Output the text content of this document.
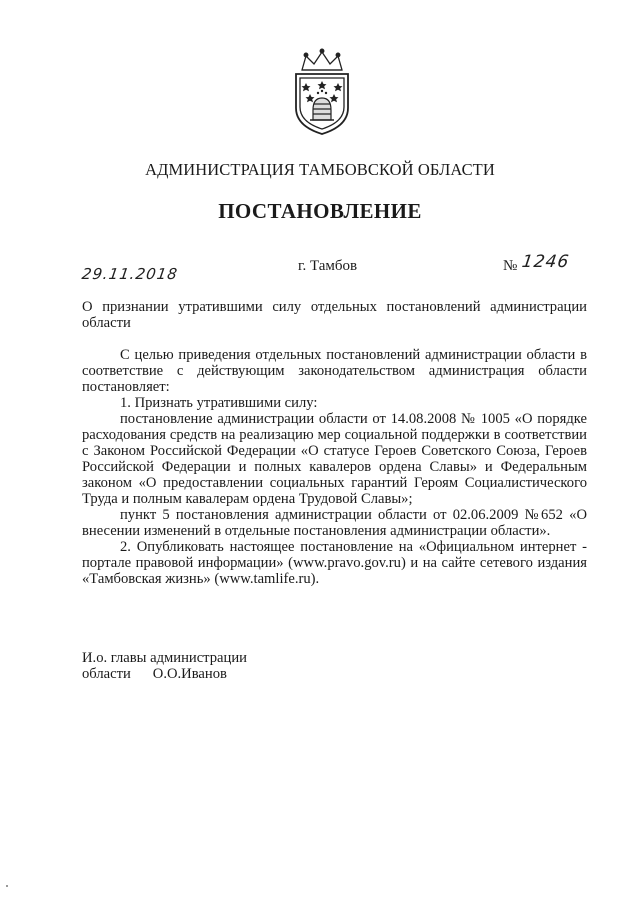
АДМИНИСТРАЦИЯ ТАМБОВСКОЙ ОБЛАСТИ
ПОСТАНОВЛЕНИЕ
29.11.2018	г. Тамбов	№ 1246

О признании утратившими силу отдельных постановлений администрации области

С целью приведения отдельных постановлений администрации области в соответствие с действующим законодательством администрация области постановляет:

1. Признать утратившими силу:

постановление администрации области от 14.08.2008 № 1005 «О порядке расходования средств на реализацию мер социальной поддержки в соответствии с Законом Российской Федерации «О статусе Героев Советского Союза, Героев Российской Федерации и полных кавалеров ордена Славы» и Федеральным законом «О предоставлении социальных гарантий Героям Социалистического Труда и полным кавалерам ордена Трудовой Славы»;

пункт 5 постановления администрации области от 02.06.2009 №652 «О внесении изменений в отдельные постановления администрации области».

2. Опубликовать настоящее постановление на «Официальном интернет - портале правовой информации» (www.pravo.gov.ru) и на сайте сетевого издания «Тамбовская жизнь» (www.tamlife.ru).

И.о. главы администрации
области О.О.Иванов
